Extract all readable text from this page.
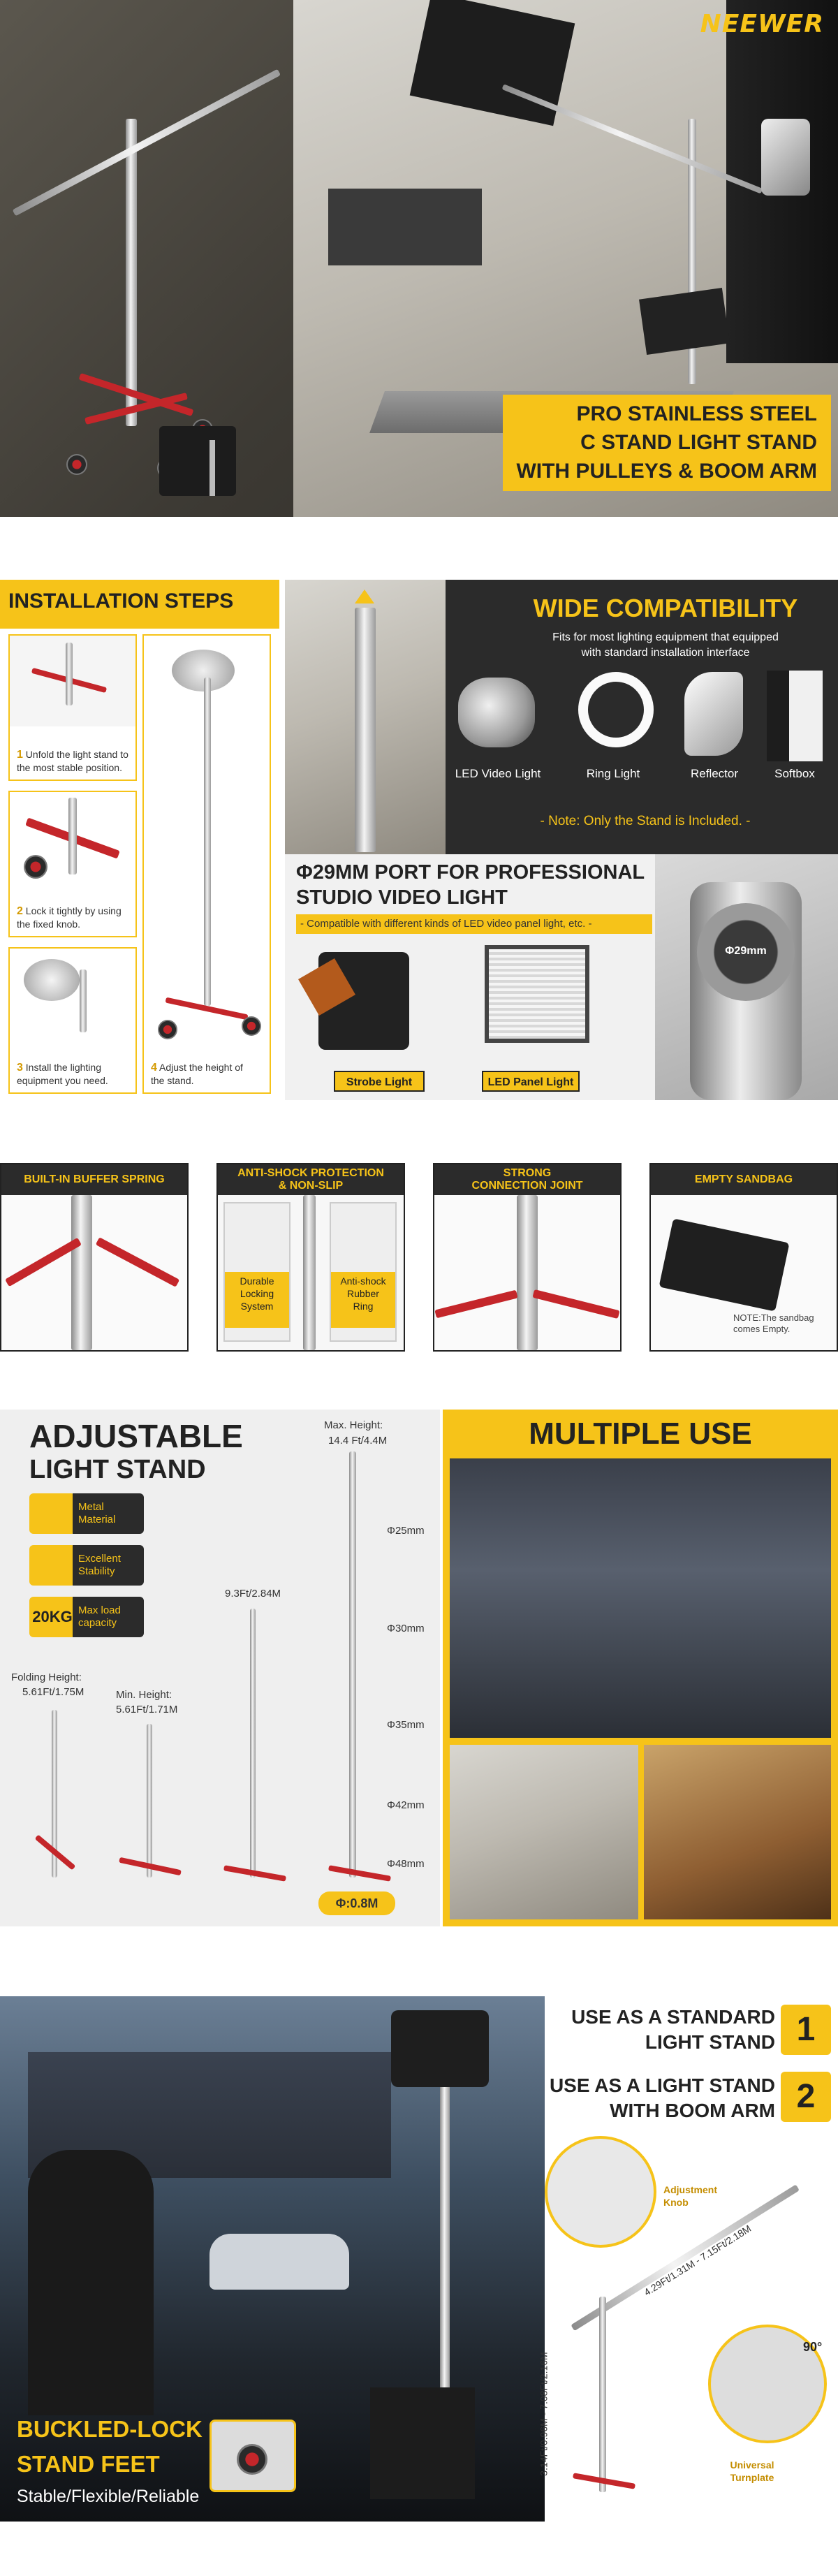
NEEWER
PRO STAINLESS STEEL
C STAND LIGHT STAND
WITH PULLEYS & BOOM ARM
INSTALLATION STEPS
1 Unfold the light stand to
the most stable position.
2 Lock it tightly by using
the fixed knob.
3 Install the lighting
equipment you need.
4 Adjust the height of
the stand.
WIDE COMPATIBILITY
Fits for most lighting equipment that equipped
with standard installation interface
LED Video Light	Ring Light	Reflector	Softbox
- Note: Only the Stand is Included. -
Φ29MM PORT FOR PROFESSIONAL
STUDIO VIDEO LIGHT
- Compatible with different kinds of LED video panel light, etc. -
Strobe Light	LED Panel Light
Φ29mm
BUILT-IN BUFFER SPRING
ANTI-SHOCK PROTECTION
& NON-SLIP
Durable
Locking
System
Anti-shock
Rubber
Ring
STRONG
CONNECTION JOINT
EMPTY SANDBAG
NOTE:The sandbag
comes Empty.
ADJUSTABLE
LIGHT STAND
Metal
Material
Excellent
Stability
20KG Max load
capacity
Folding Height:
5.61Ft/1.75M	Min. Height:
5.61Ft/1.71M
9.3Ft/2.84M
Max. Height:
14.4 Ft/4.4M
Φ25mm
Φ30mm
Φ35mm
Φ42mm
Φ48mm
Φ:0.8M
MULTIPLE USE
BUCKLED-LOCK
STAND FEET
Stable/Flexible/Reliable
USE AS A STANDARD
LIGHT STAND 1
USE AS A LIGHT STAND
WITH BOOM ARM 2
Adjustment
Knob
4.29Ft/1.31M - 7.15Ft/2.18M
3.14Ft/0.96M - 7.08Ft/2.16M
90°
Universal
Turnplate
